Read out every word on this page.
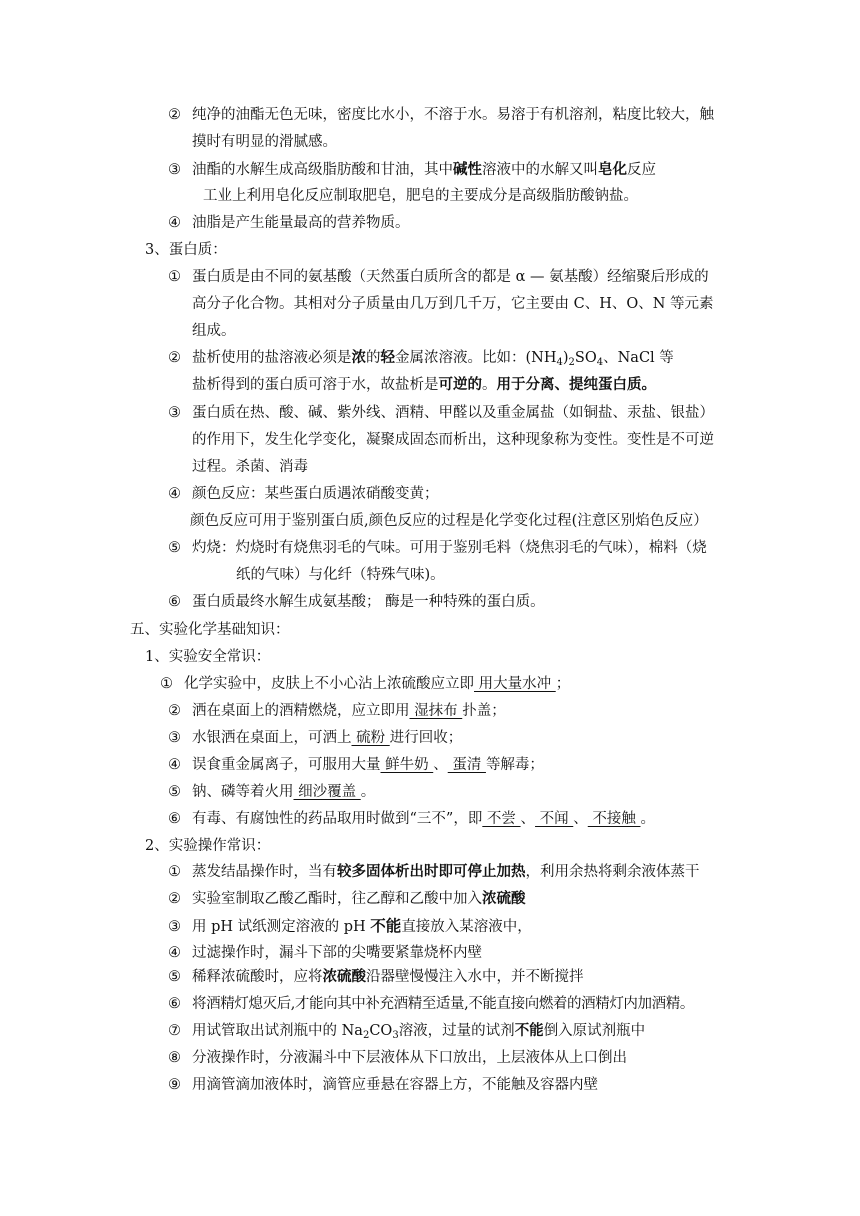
② 纯净的油酯无色无味，密度比水小，不溶于水。易溶于有机溶剂，粘度比较大，触
摸时有明显的滑腻感。
③ 油酯的水解生成高级脂肪酸和甘油，其中碱性溶液中的水解又叫皂化反应
工业上利用皂化反应制取肥皂，肥皂的主要成分是高级脂肪酸钠盐。
④ 油脂是产生能量最高的营养物质。
3、蛋白质：
① 蛋白质是由不同的氨基酸（天然蛋白质所含的都是 α — 氨基酸）经缩聚后形成的
高分子化合物。其相对分子质量由几万到几千万，它主要由 C、H、O、N 等元素
组成。
② 盐析使用的盐溶液必须是浓的轻金属浓溶液。比如：$(NH_4)_2SO_4$、NaCl 等
盐析得到的蛋白质可溶于水，故盐析是可逆的。用于分离、提纯蛋白质。
③ 蛋白质在热、酸、碱、紫外线、酒精、甲醛以及重金属盐（如铜盐、汞盐、银盐）
的作用下，发生化学变化，凝聚成固态而析出，这种现象称为变性。变性是不可逆
过程。杀菌、消毒
④ 颜色反应：某些蛋白质遇浓硝酸变黄；
颜色反应可用于鉴别蛋白质,颜色反应的过程是化学变化过程(注意区别焰色反应）
⑤ 灼烧：灼烧时有烧焦羽毛的气味。可用于鉴别毛料（烧焦羽毛的气味），棉料（烧
纸的气味）与化纤（特殊气味)。
⑥ 蛋白质最终水解生成氨基酸； 酶是一种特殊的蛋白质。
五、实验化学基础知识：
1、实验安全常识：
① 化学实验中，皮肤上不小心沾上浓硫酸应立即 用大量水冲 ；
② 洒在桌面上的酒精燃烧，应立即用 湿抹布 扑盖；
③ 水银洒在桌面上，可洒上 硫粉 进行回收；
④ 误食重金属离子，可服用大量 鲜牛奶 、 蛋清 等解毒；
⑤ 钠、磷等着火用 细沙覆盖 。
⑥ 有毒、有腐蚀性的药品取用时做到“三不”，即 不尝 、 不闻 、 不接触 。
2、实验操作常识：
① 蒸发结晶操作时，当有较多固体析出时即可停止加热，利用余热将剩余液体蒸干
② 实验室制取乙酸乙酯时，往乙醇和乙酸中加入浓硫酸
③ 用 pH 试纸测定溶液的 pH 不能直接放入某溶液中，
④ 过滤操作时，漏斗下部的尖嘴要紧靠烧杯内壁
⑤ 稀释浓硫酸时，应将浓硫酸沿器壁慢慢注入水中，并不断搅拌
⑥ 将酒精灯熄灭后,才能向其中补充酒精至适量,不能直接向燃着的酒精灯内加酒精。
⑦ 用试管取出试剂瓶中的 $Na_2CO_3$溶液，过量的试剂不能倒入原试剂瓶中
⑧ 分液操作时，分液漏斗中下层液体从下口放出，上层液体从上口倒出
⑨ 用滴管滴加液体时，滴管应垂悬在容器上方，不能触及容器内壁
